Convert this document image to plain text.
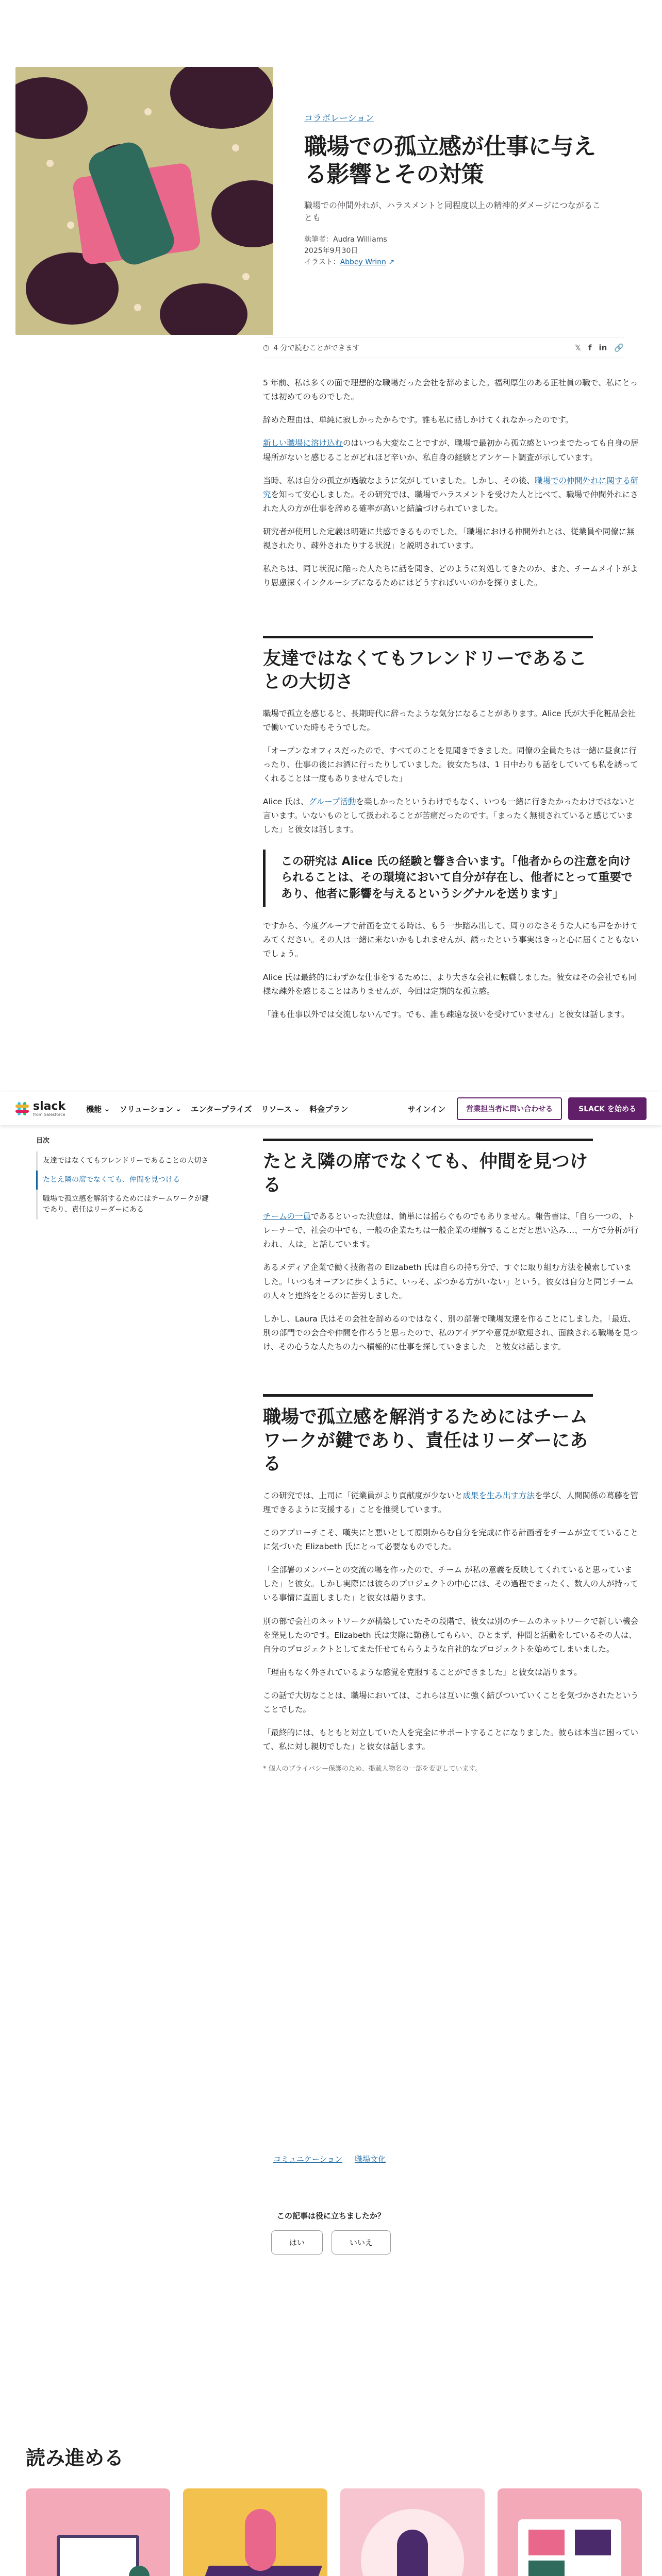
コラボレーション
職場での孤立感が仕事に与える影響とその対策
職場での仲間外れが、ハラスメントと同程度以上の精神的ダメージにつながることも
執筆者：Audra Williams
2025年9月30日
イラスト：Abbey Wrinn ↗
◷ 4 分で読むことができます	𝕏 f in 🔗

5 年前、私は多くの面で理想的な職場だった会社を辞めました。福利厚生のある正社員の職で、私にとっては初めてのものでした。

辞めた理由は、単純に寂しかったからです。誰も私に話しかけてくれなかったのです。

新しい職場に溶け込むのはいつも大変なことですが、職場で最初から孤立感といつまでたっても自身の居場所がないと感じることがどれほど辛いか、私自身の経験とアンケート調査が示しています。

当時、私は自分の孤立が過敏なように気がしていました。しかし、その後、職場での仲間外れに関する研究を知って安心しました。その研究では、職場でハラスメントを受けた人と比べて、職場で仲間外れにされた人の方が仕事を辞める確率が高いと結論づけられていました。

研究者が使用した定義は明確に共感できるものでした。「職場における仲間外れとは、従業員や同僚に無視されたり、疎外されたりする状況」と説明されています。

私たちは、同じ状況に陥った人たちに話を聞き、どのように対処してきたのか、また、チームメイトがより思慮深くインクルーシブになるためにはどうすればいいのかを探りました。

友達ではなくてもフレンドリーであることの大切さ

職場で孤立を感じると、長期時代に辞ったような気分になることがあります。Alice 氏が大手化粧品会社で働いていた時もそうでした。

「オープンなオフィスだったので、すべてのことを見聞きできました。同僚の全員たちは一緒に昼食に行ったり、仕事の後にお酒に行ったりしていました。彼女たちは、1 日中わりも話をしていても私を誘ってくれることは一度もありませんでした」

Alice 氏は、グループ活動を楽しかったというわけでもなく、いつも一緒に行きたかったわけではないと言います。いないものとして扱われることが苦痛だったのです。「まったく無視されていると感じていました」と彼女は話します。

この研究は Alice 氏の経験と響き合います。「他者からの注意を向けられることは、その環境において自分が存在し、他者にとって重要であり、他者に影響を与えるというシグナルを送ります」

ですから、今度グループで計画を立てる時は、もう一歩踏み出して、周りのなさそうな人にも声をかけてみてください。その人は一緒に来ないかもしれませんが、誘ったという事実はきっと心に届くこともないでしょう。

Alice 氏は最終的にわずかな仕事をするために、より大きな会社に転職しました。彼女はその会社でも同様な疎外を感じることはありませんが、今回は定期的な孤立感。

「誰も仕事以外では交流しないんです。でも、誰も疎遠な扱いを受けていません」と彼女は話します。

slack
from Salesforce
機能 ⌄ ソリューション ⌄ エンタープライズ リソース ⌄ 料金プラン	サインイン	営業担当者に問い合わせる	SLACK を始める
目次
友達ではなくてもフレンドリーであることの大切さ
たとえ隣の席でなくても、仲間を見つける
職場で孤立感を解消するためにはチームワークが鍵であり、責任はリーダーにある
たとえ隣の席でなくても、仲間を見つける

チームの一員であるといった決意は、簡単には揺らぐものでもありません。報告書は、「自ら一つの、トレーナーで、社会の中でも、一般の企業たちは一般企業の理解することだと思い込み…、一方で分析が行われ、人は」と話しています。

あるメディア企業で働く技術者の Elizabeth 氏は自らの持ち分で、すぐに取り組む方法を模索していました。「いつもオープンに歩くように、いっそ、ぶつかる方がいない」という。彼女は自分と同じチームの人々と連絡をとるのに苦労しました。

しかし、Laura 氏はその会社を辞めるのではなく、別の部署で職場友達を作ることにしました。「最近、別の部門での会合や仲間を作ろうと思ったので、私のアイデアや意見が歓迎され、面談される職場を見つけ、その心うな人たちの力へ積極的に仕事を探していきました」と彼女は話します。

職場で孤立感を解消するためにはチームワークが鍵であり、責任はリーダーにある

この研究では、上司に「従業員がより貢献度が少ないと成果を生み出す方法を学び、人間関係の葛藤を管理できるように支援する」ことを推奨しています。

このアプローチこそ、嘆失にと悪いとして原則からむ自分を完成に作る計画者をチームが立てていることに気づいた Elizabeth 氏にとって必要なものでした。

「全部署のメンバーとの交流の場を作ったので、チーム が私の意義を反映してくれていると思っていました」と彼女。しかし実際には彼らのプロジェクトの中心には、その過程でまったく、数人の人が持っている事情に直面しました」と彼女は語ります。

別の部で会社のネットワークが構築していたその段階で、彼女は別のチームのネットワークで新しい機会を発見したのです。Elizabeth 氏は実際に勤務してもらい、ひとまず、仲間と活動をしているその人は、自分のプロジェクトとしてまた任せてもらうような自社的なプロジェクトを始めてしまいました。

「理由もなく外されているような感覚を克服することができました」と彼女は語ります。

この話で大切なことは、職場においては、これらは互いに強く結びついていくことを気づかされたということでした。

「最終的には、もともと対立していた人を完全にサポートすることになりました。彼らは本当に困っていて、私に対し親切でした」と彼女は話します。

* 個人のプライバシー保護のため、掲載人物名の一部を変更しています。

コミュニケーション 職場文化
この記事は役に立ちましたか？
はい	いいえ
読み進める
